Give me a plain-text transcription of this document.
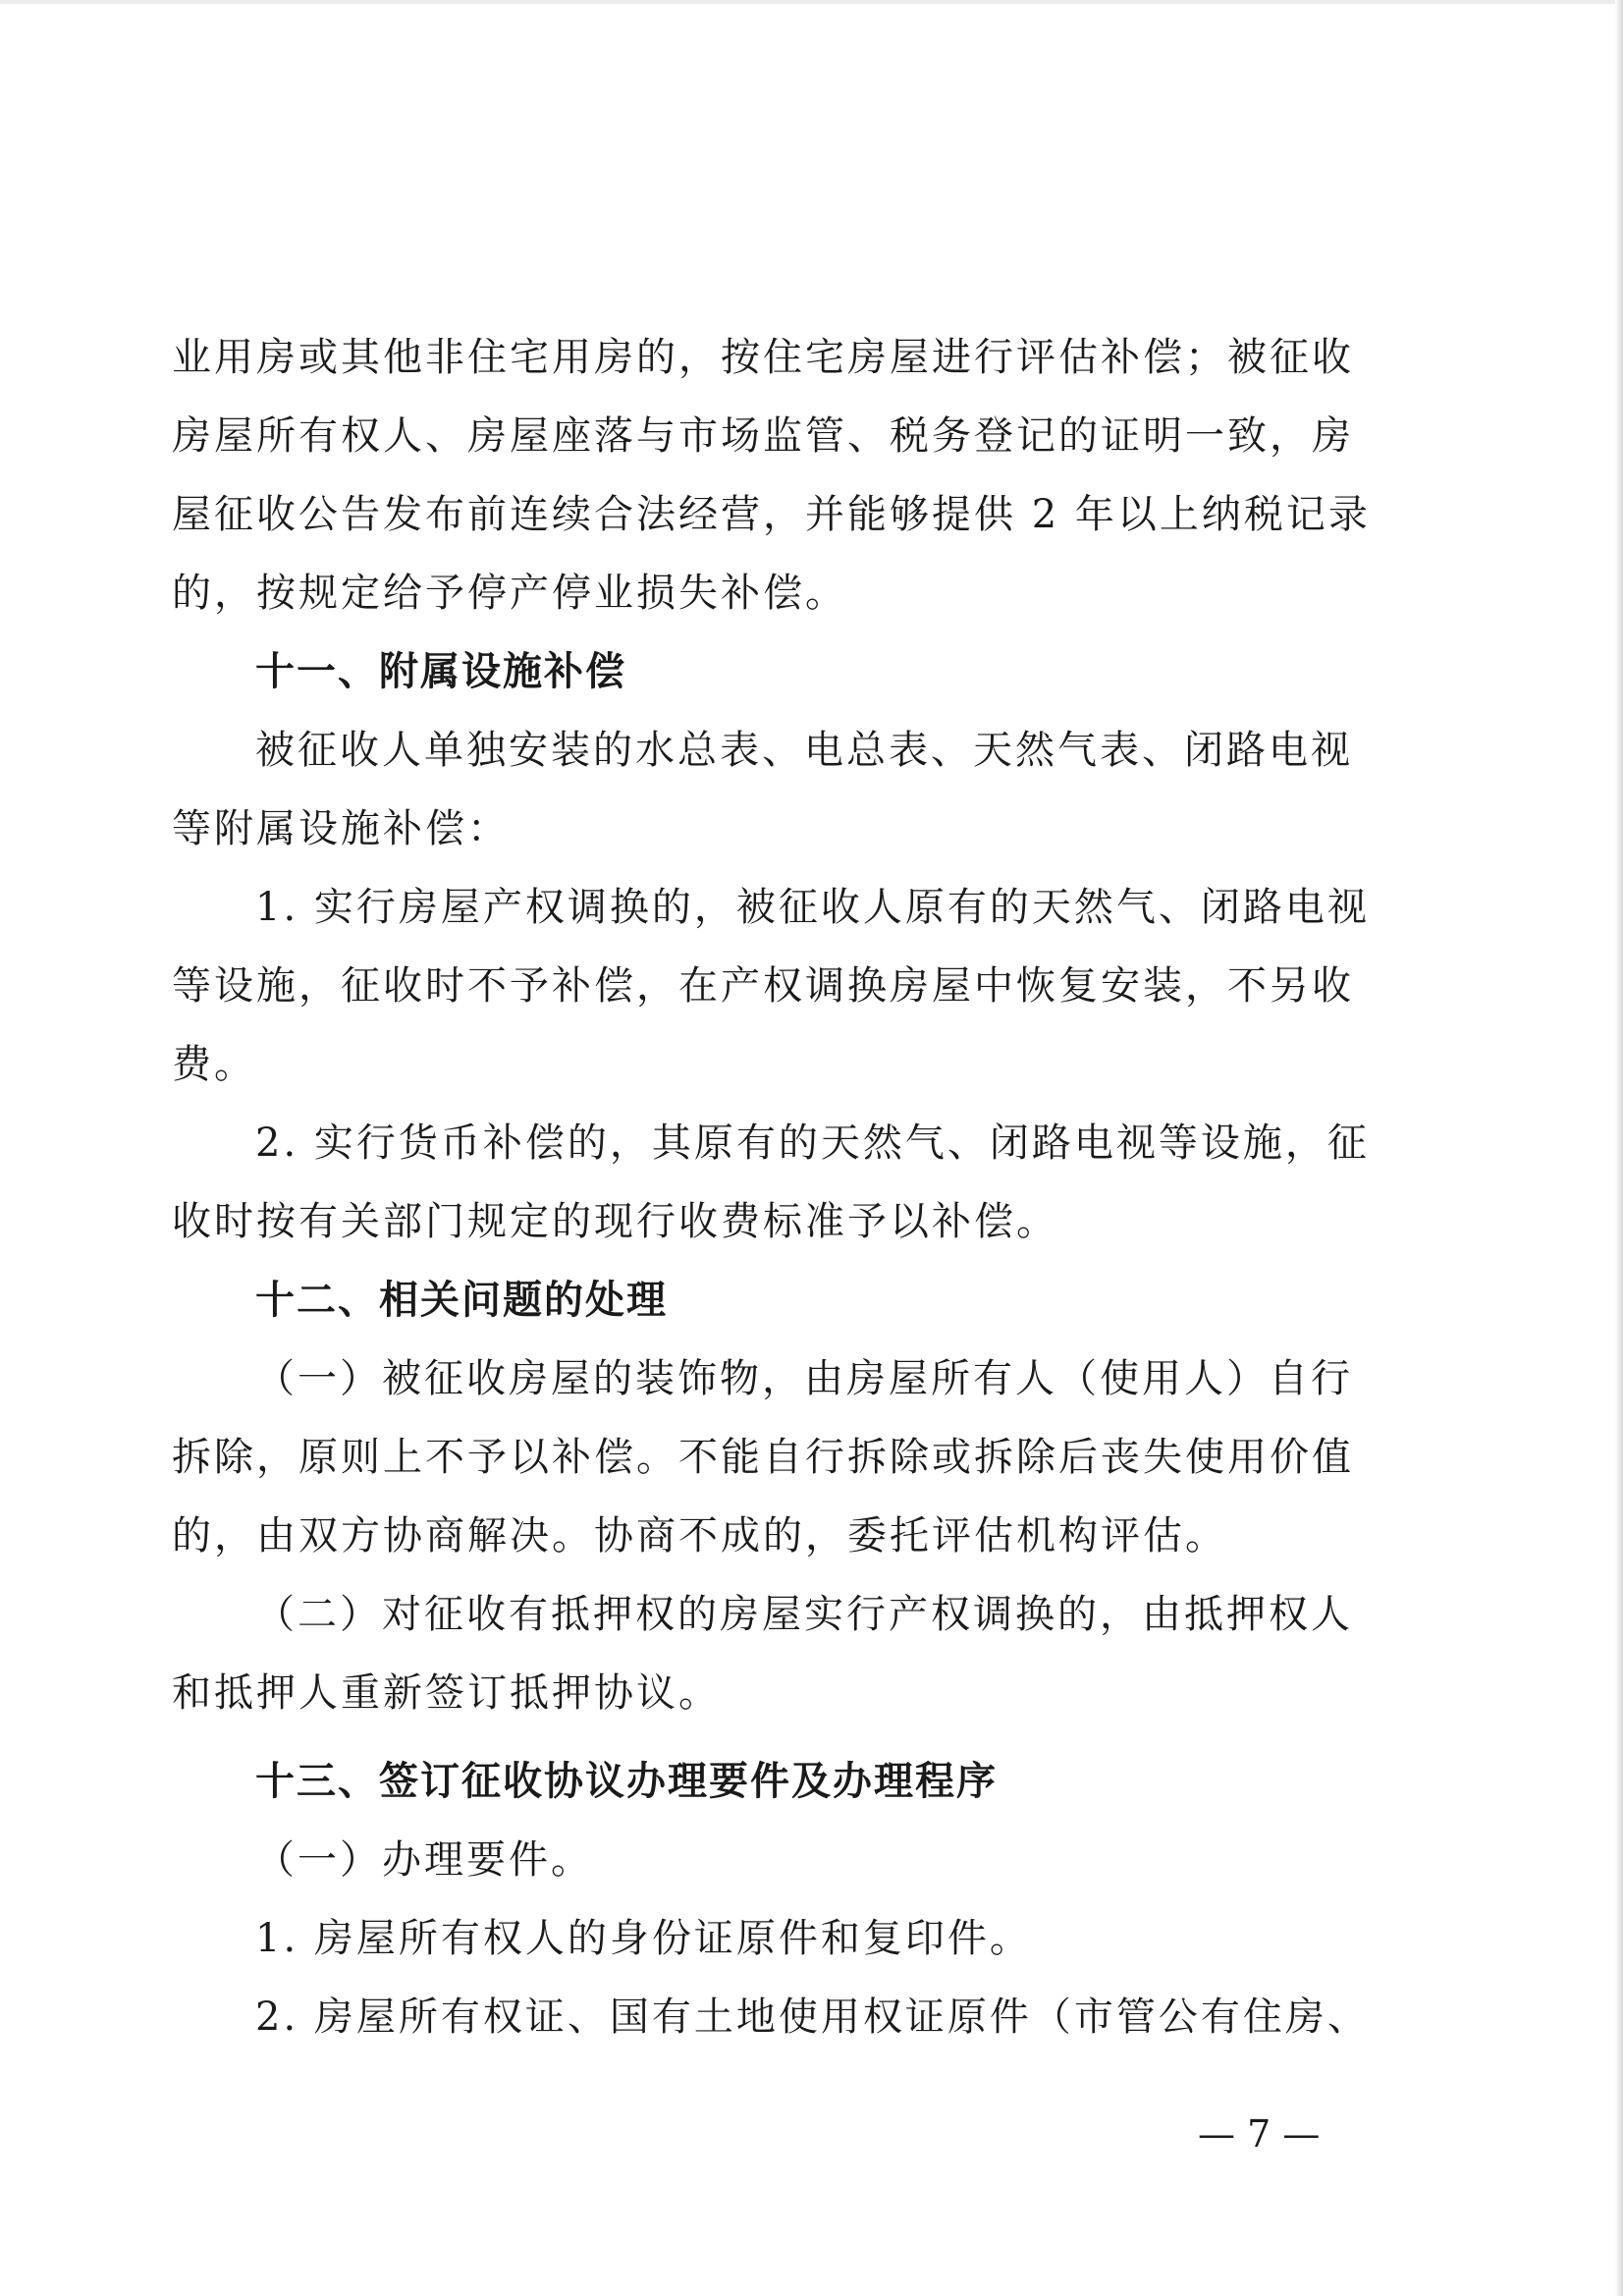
业用房或其他非住宅用房的，按住宅房屋进行评估补偿；被征收
房屋所有权人、房屋座落与市场监管、税务登记的证明一致，房
屋征收公告发布前连续合法经营，并能够提供 2 年以上纳税记录
的，按规定给予停产停业损失补偿。
十一、附属设施补偿
被征收人单独安装的水总表、电总表、天然气表、闭路电视
等附属设施补偿：
1. 实行房屋产权调换的，被征收人原有的天然气、闭路电视
等设施，征收时不予补偿，在产权调换房屋中恢复安装，不另收
费。
2. 实行货币补偿的，其原有的天然气、闭路电视等设施，征
收时按有关部门规定的现行收费标准予以补偿。
十二、相关问题的处理
（一）被征收房屋的装饰物，由房屋所有人（使用人）自行
拆除，原则上不予以补偿。不能自行拆除或拆除后丧失使用价值
的，由双方协商解决。协商不成的，委托评估机构评估。
（二）对征收有抵押权的房屋实行产权调换的，由抵押权人
和抵押人重新签订抵押协议。
十三、签订征收协议办理要件及办理程序
（一）办理要件。
1. 房屋所有权人的身份证原件和复印件。
2. 房屋所有权证、国有土地使用权证原件（市管公有住房、
— 7 —
